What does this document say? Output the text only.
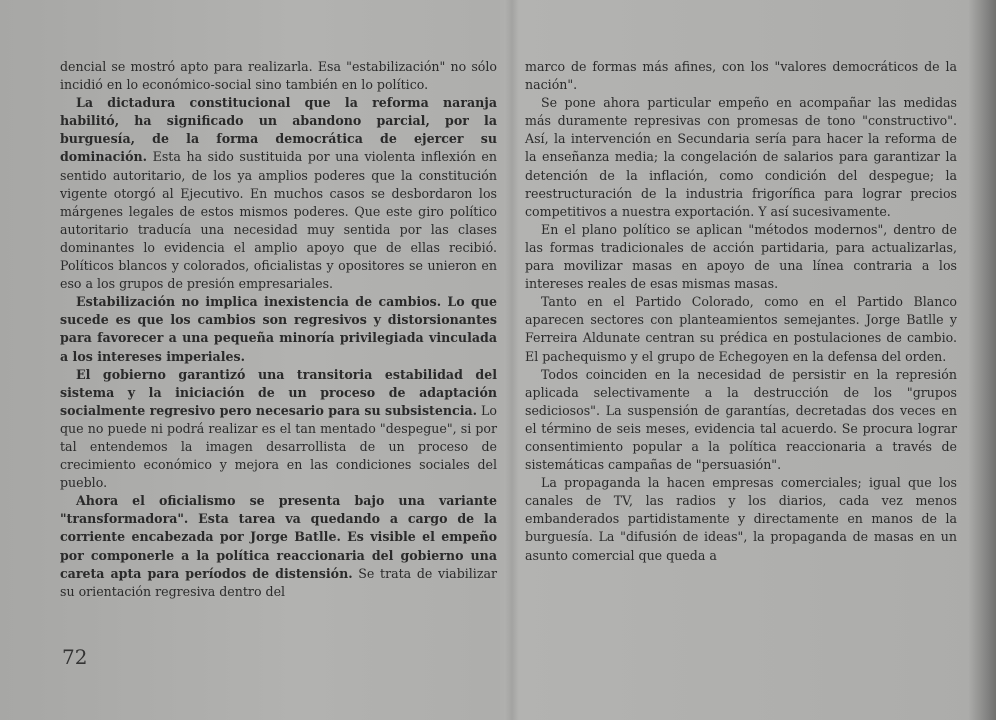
dencial se mostró apto para realizarla. Esa "estabilización" no sólo incidió en lo económico-social sino también en lo político.

La dictadura constitucional que la reforma naranja habilitó, ha significado un abandono parcial, por la burguesía, de la forma democrática de ejercer su dominación. Esta ha sido sustituida por una violenta inflexión en sentido autoritario, de los ya amplios poderes que la constitución vigente otorgó al Ejecutivo. En muchos casos se desbordaron los márgenes legales de estos mismos poderes. Que este giro político autoritario traducía una necesidad muy sentida por las clases dominantes lo evidencia el amplio apoyo que de ellas recibió. Políticos blancos y colorados, oficialistas y opositores se unieron en eso a los grupos de presión empresariales.

Estabilización no implica inexistencia de cambios. Lo que sucede es que los cambios son regresivos y distorsionantes para favorecer a una pequeña minoría privilegiada vinculada a los intereses imperiales.

El gobierno garantizó una transitoria estabilidad del sistema y la iniciación de un proceso de adaptación socialmente regresivo pero necesario para su subsistencia. Lo que no puede ni podrá realizar es el tan mentado "despegue", si por tal entendemos la imagen desarrollista de un proceso de crecimiento económico y mejora en las condiciones sociales del pueblo.

Ahora el oficialismo se presenta bajo una variante "transformadora". Esta tarea va quedando a cargo de la corriente encabezada por Jorge Batlle. Es visible el empeño por componerle a la política reaccionaria del gobierno una careta apta para períodos de distensión. Se trata de viabilizar su orientación regresiva dentro del

marco de formas más afines, con los "valores democráticos de la nación".

Se pone ahora particular empeño en acompañar las medidas más duramente represivas con promesas de tono "constructivo". Así, la intervención en Secundaria sería para hacer la reforma de la enseñanza media; la congelación de salarios para garantizar la detención de la inflación, como condición del despegue; la reestructuración de la industria frigorífica para lograr precios competitivos a nuestra exportación. Y así sucesivamente.

En el plano político se aplican "métodos modernos", dentro de las formas tradicionales de acción partidaria, para actualizarlas, para movilizar masas en apoyo de una línea contraria a los intereses reales de esas mismas masas.

Tanto en el Partido Colorado, como en el Partido Blanco aparecen sectores con planteamientos semejantes. Jorge Batlle y Ferreira Aldunate centran su prédica en postulaciones de cambio. El pachequismo y el grupo de Echegoyen en la defensa del orden.

Todos coinciden en la necesidad de persistir en la represión aplicada selectivamente a la destrucción de los "grupos sediciosos". La suspensión de garantías, decretadas dos veces en el término de seis meses, evidencia tal acuerdo. Se procura lograr consentimiento popular a la política reaccionaria a través de sistemáticas campañas de "persuasión".

La propaganda la hacen empresas comerciales; igual que los canales de TV, las radios y los diarios, cada vez menos embanderados partidistamente y directamente en manos de la burguesía. La "difusión de ideas", la propaganda de masas en un asunto comercial que queda a

72
